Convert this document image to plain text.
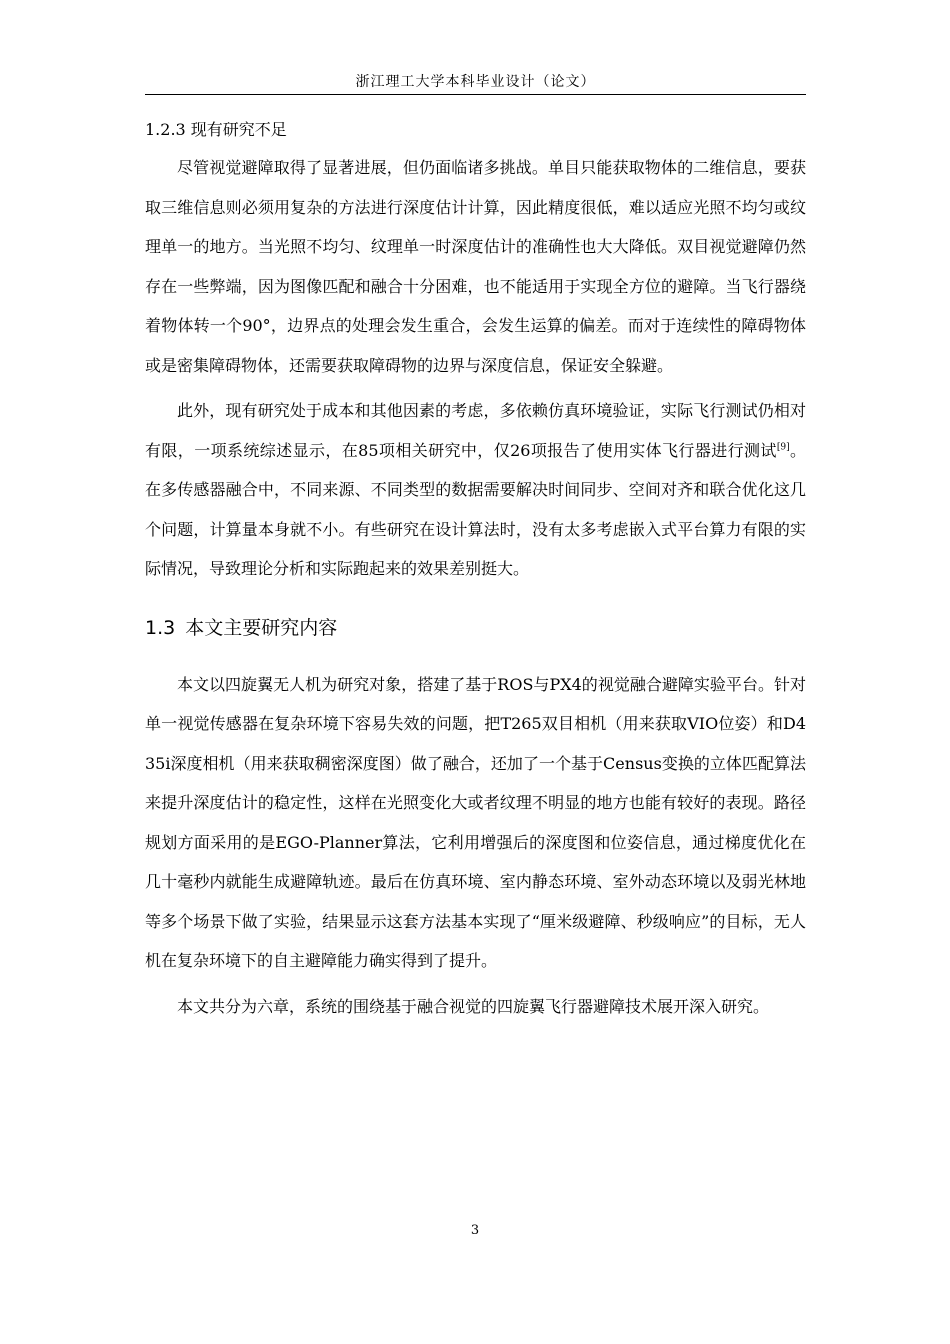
浙江理工大学本科毕业设计（论文）
1.2.3 现有研究不足

尽管视觉避障取得了显著进展，但仍面临诸多挑战。单目只能获取物体的二维信息，要获取三维信息则必须用复杂的方法进行深度估计计算，因此精度很低，难以适应光照不均匀或纹理单一的地方。当光照不均匀、纹理单一时深度估计的准确性也大大降低。双目视觉避障仍然存在一些弊端，因为图像匹配和融合十分困难，也不能适用于实现全方位的避障。当飞行器绕着物体转一个90°，边界点的处理会发生重合，会发生运算的偏差。而对于连续性的障碍物体或是密集障碍物体，还需要获取障碍物的边界与深度信息，保证安全躲避。

此外，现有研究处于成本和其他因素的考虑，多依赖仿真环境验证，实际飞行测试仍相对有限，一项系统综述显示，在85项相关研究中，仅26项报告了使用实体飞行器进行测试[9]。在多传感器融合中，不同来源、不同类型的数据需要解决时间同步、空间对齐和联合优化这几个问题，计算量本身就不小。有些研究在设计算法时，没有太多考虑嵌入式平台算力有限的实际情况，导致理论分析和实际跑起来的效果差别挺大。

1.3 本文主要研究内容

本文以四旋翼无人机为研究对象，搭建了基于ROS与PX4的视觉融合避障实验平台。针对单一视觉传感器在复杂环境下容易失效的问题，把T265双目相机（用来获取VIO位姿）和D435i深度相机（用来获取稠密深度图）做了融合，还加了一个基于Census变换的立体匹配算法来提升深度估计的稳定性，这样在光照变化大或者纹理不明显的地方也能有较好的表现。路径规划方面采用的是EGO-Planner算法，它利用增强后的深度图和位姿信息，通过梯度优化在几十毫秒内就能生成避障轨迹。最后在仿真环境、室内静态环境、室外动态环境以及弱光林地等多个场景下做了实验，结果显示这套方法基本实现了“厘米级避障、秒级响应”的目标，无人机在复杂环境下的自主避障能力确实得到了提升。

本文共分为六章，系统的围绕基于融合视觉的四旋翼飞行器避障技术展开深入研究。

3
